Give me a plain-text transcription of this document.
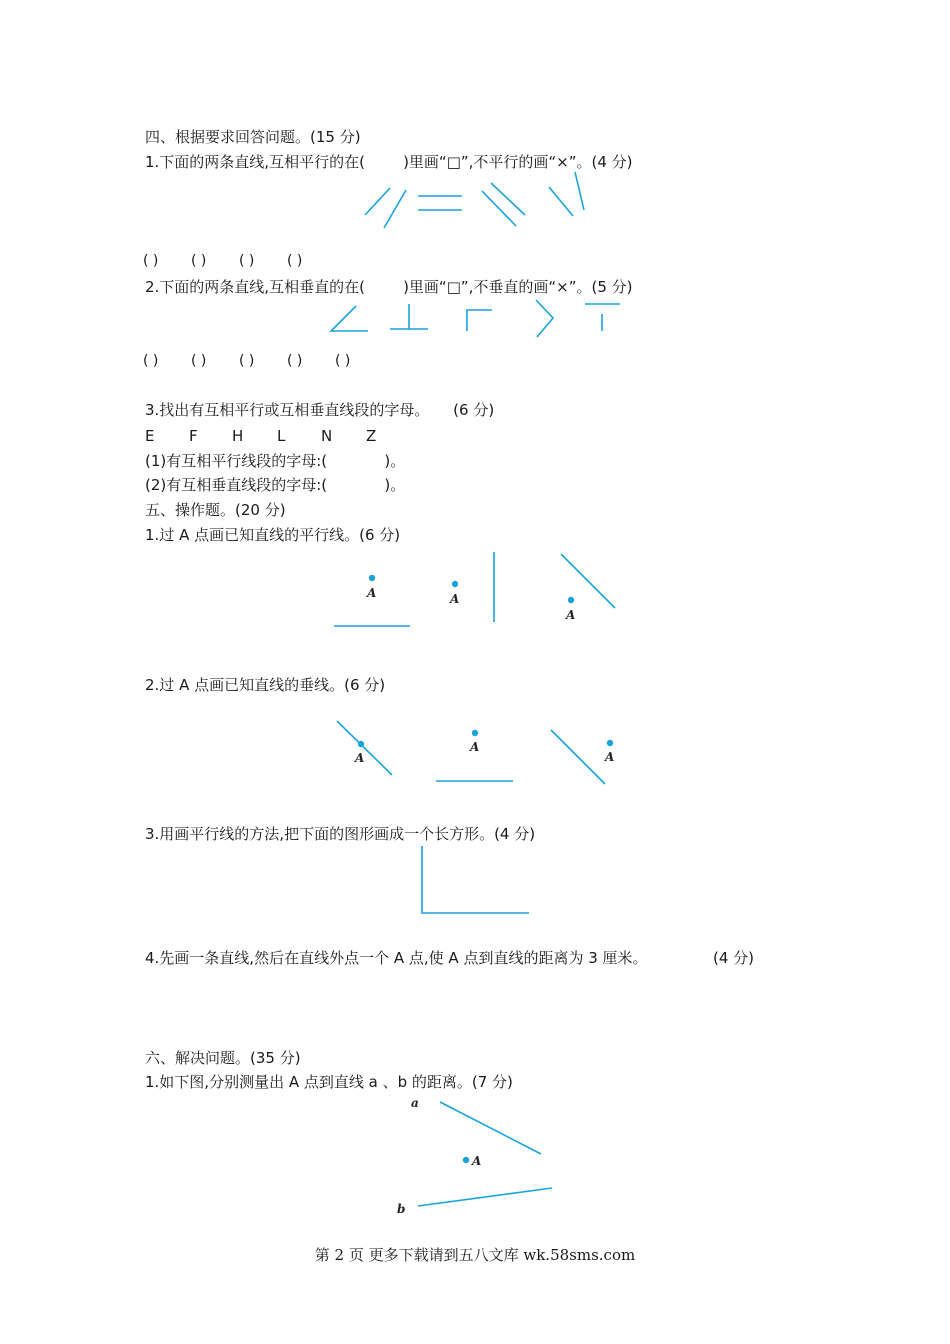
四、根据要求回答问题。(15 分)
1.下面的两条直线,互相平行的在(        )里画“□”,不平行的画“×”。(4 分)
( ) ( ) ( ) ( )
2.下面的两条直线,互相垂直的在(        )里画“□”,不垂直的画“×”。(5 分)
( ) ( ) ( ) ( ) ( )
3.找出有互相平行或互相垂直线段的字母。     (6 分)
E F H L N Z
(1)有互相平行线段的字母:(            )。
(2)有互相垂直线段的字母:(            )。
五、操作题。(20 分)
1.过 A 点画已知直线的平行线。(6 分)
2.过 A 点画已知直线的垂线。(6 分)
3.用画平行线的方法,把下面的图形画成一个长方形。(4 分)
4.先画一条直线,然后在直线外点一个 A 点,使 A 点到直线的距离为 3 厘米。	(4 分)
六、解决问题。(35 分)
1.如下图,分别测量出 A 点到直线 a 、b 的距离。(7 分)
A	A
A
A
A
A
a
A
b
第 2 页 更多下载请到五八文库 wk.58sms.com
